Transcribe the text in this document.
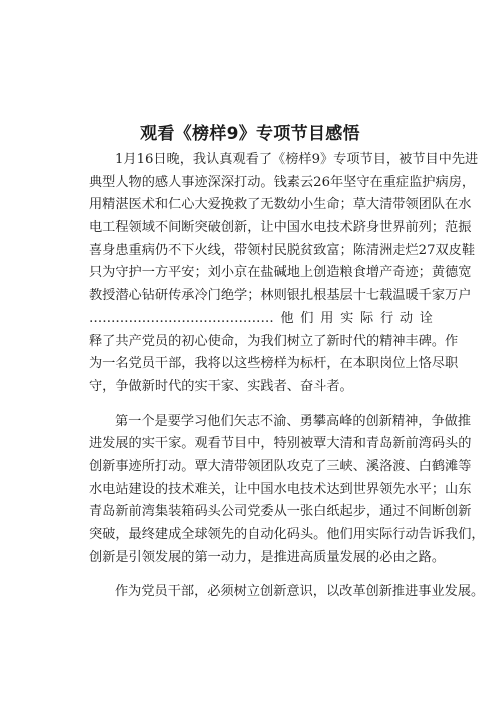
观看《榜样9》专项节目感悟
1月16日晚，我认真观看了《榜样9》专项节目，被节目中先进
典型人物的感人事迹深深打动。钱素云26年坚守在重症监护病房，
用精湛医术和仁心大爱挽救了无数幼小生命；草大清带领团队在水
电工程领域不间断突破创新，让中国水电技术跻身世界前列；范振
喜身患重病仍不下火线，带领村民脱贫致富；陈清洲走烂27双皮鞋
只为守护一方平安；刘小京在盐碱地上创造粮食增产奇迹；黄德宽
教授潜心钻研传承冷门绝学；林则银扎根基层十七载温暖千家万户
……………………………………他们用实际行动诠
释了共产党员的初心使命，为我们树立了新时代的精神丰碑。作
为一名党员干部，我将以这些榜样为标杆，在本职岗位上恪尽职
守，争做新时代的实干家、实践者、奋斗者。
第一个是要学习他们矢志不渝、勇攀高峰的创新精神，争做推
进发展的实干家。观看节目中，特别被覃大清和青岛新前湾码头的
创新事迹所打动。覃大清带领团队攻克了三峡、溪洛渡、白鹤滩等
水电站建设的技术难关，让中国水电技术达到世界领先水平；山东
青岛新前湾集装箱码头公司党委从一张白纸起步，通过不间断创新
突破，最终建成全球领先的自动化码头。他们用实际行动告诉我们，
创新是引领发展的第一动力，是推进高质量发展的必由之路。
作为党员干部，必须树立创新意识，以改革创新推进事业发展。
